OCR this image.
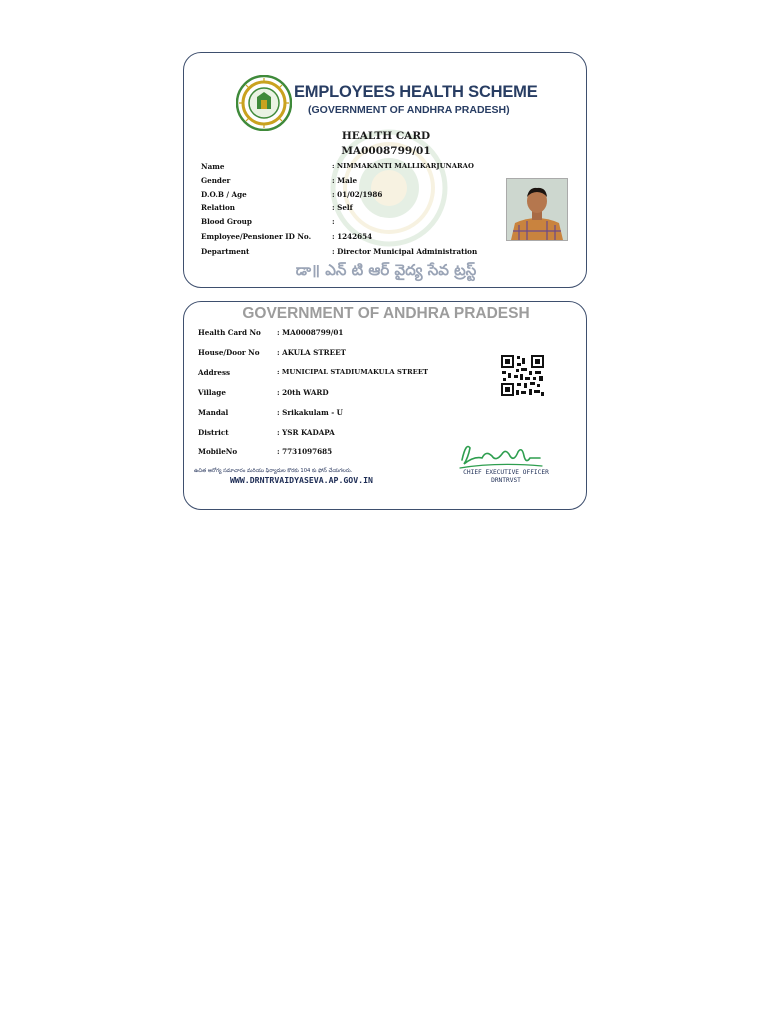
EMPLOYEES HEALTH SCHEME
(GOVERNMENT OF ANDHRA PRADESH)
HEALTH CARD
MA0008799/01
Name	: NIMMAKANTI MALLIKARJUNARAO
Gender	: Male
D.O.B / Age	: 01/02/1986
Relation	: Self
Blood Group	:
Employee/Pensioner ID No.	: 1242654
Department	: Director Municipal Administration
డా॥ ఎన్ టి ఆర్ వైద్య సేవ ట్రస్ట్
GOVERNMENT OF ANDHRA PRADESH
Health Card No : MA0008799/01
House/Door No : AKULA STREET
Address	: MUNICIPAL STADIUMAKULA STREET
Village	: 20th WARD
Mandal	: Srikakulam - U
District	: YSR KADAPA
MobileNo	: 7731097685
CHIEF EXECUTIVE OFFICER
DRNTRVST
ఉచిత ఆరోగ్య సమాచారం మరియు ఫిర్యాదుల కొరకు 104 కు ఫోన్ చేయగలరు.
WWW.DRNTRVAIDYASEVA.AP.GOV.IN
